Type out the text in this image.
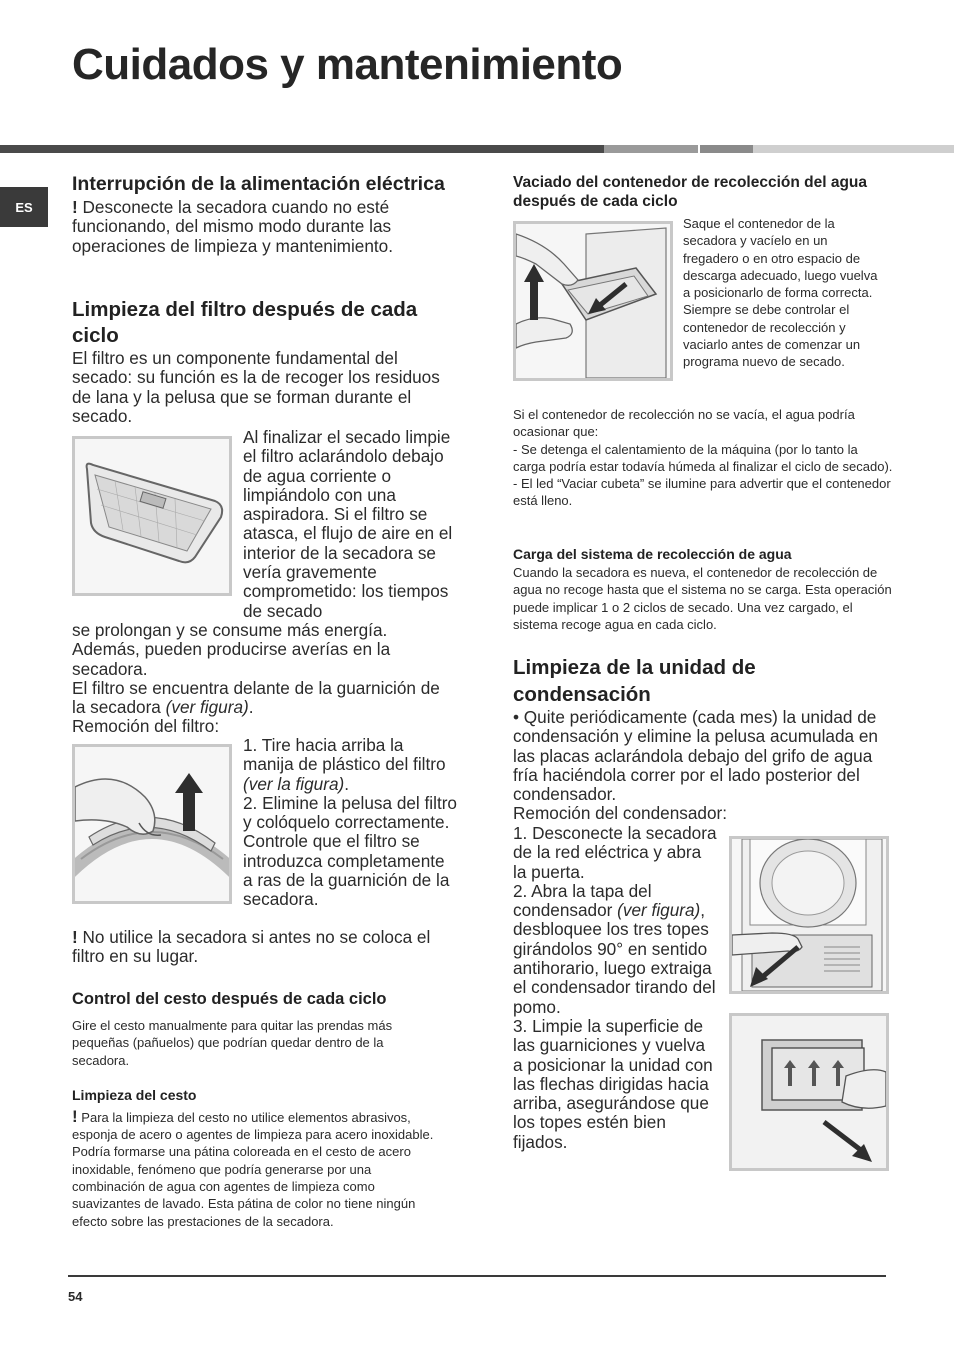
Cuidados y mantenimiento
ES
Interrupción de la alimentación eléctrica

! Desconecte la secadora cuando no esté funcionando, del mismo modo durante las operaciones de limpieza y mantenimiento.

Limpieza del filtro después de cada ciclo

El filtro es un componente fundamental del secado: su función es la de recoger los residuos de lana y la pelusa que se forman durante el secado.

Al finalizar el secado limpie el filtro aclarándolo debajo de agua corriente o limpiándolo con una aspiradora. Si el filtro se atasca, el flujo de aire en el interior de la secadora se vería gravemente comprometido: los tiempos de secado

se prolongan y se consume más energía. Además, pueden producirse averías en la secadora.

El filtro se encuentra delante de la guarnición de la secadora (ver figura).

Remoción del filtro:

1. Tire hacia arriba la manija de plástico del filtro (ver la figura).

2. Elimine la pelusa del filtro y colóquelo correctamente. Controle que el filtro se introduzca completamente a ras de la guarnición de la secadora.

! No utilice la secadora si antes no se coloca el filtro en su lugar.

Control del cesto después de cada ciclo

Gire el cesto manualmente para quitar las prendas más pequeñas (pañuelos) que podrían quedar dentro de la secadora.

Limpieza del cesto

! Para la limpieza del cesto no utilice elementos abrasivos, esponja de acero o agentes de limpieza para acero inoxidable.

Podría formarse una pátina coloreada en el cesto de acero inoxidable, fenómeno que podría generarse por una combinación de agua con agentes de limpieza como suavizantes de lavado. Esta pátina de color no tiene ningún efecto sobre las prestaciones de la secadora.

Vaciado del contenedor de recolección del agua después de cada ciclo

Saque el contenedor de la secadora y vacíelo en un fregadero o en otro espacio de descarga adecuado, luego vuelva a posicionarlo de forma correcta. Siempre se debe controlar el contenedor de recolección y vaciarlo antes de comenzar un programa nuevo de secado.

Si el contenedor de recolección no se vacía, el agua podría ocasionar que:

- Se detenga el calentamiento de la máquina (por lo tanto la carga podría estar todavía húmeda al finalizar el ciclo de secado).

- El led “Vaciar cubeta” se ilumine para advertir que el contenedor está lleno.

Carga del sistema de recolección de agua

Cuando la secadora es nueva, el contenedor de recolección de agua no recoge hasta que el sistema no se carga. Esta operación puede implicar 1 o 2 ciclos de secado. Una vez cargado, el sistema recoge agua en cada ciclo.

Limpieza de la unidad de condensación

• Quite periódicamente (cada mes) la unidad de condensación y elimine la pelusa acumulada en las placas aclarándola debajo del grifo de agua fría haciéndola correr por el lado posterior del condensador.

Remoción del condensador:

1. Desconecte la secadora de la red eléctrica y abra la puerta.

2. Abra la tapa del condensador (ver figura), desbloquee los tres topes girándolos 90° en sentido antihorario, luego extraiga el condensador tirando del pomo.

3. Limpie la superficie de las guarniciones y vuelva a posicionar la unidad con las flechas dirigidas hacia arriba, asegurándose que los topes estén bien fijados.

54
